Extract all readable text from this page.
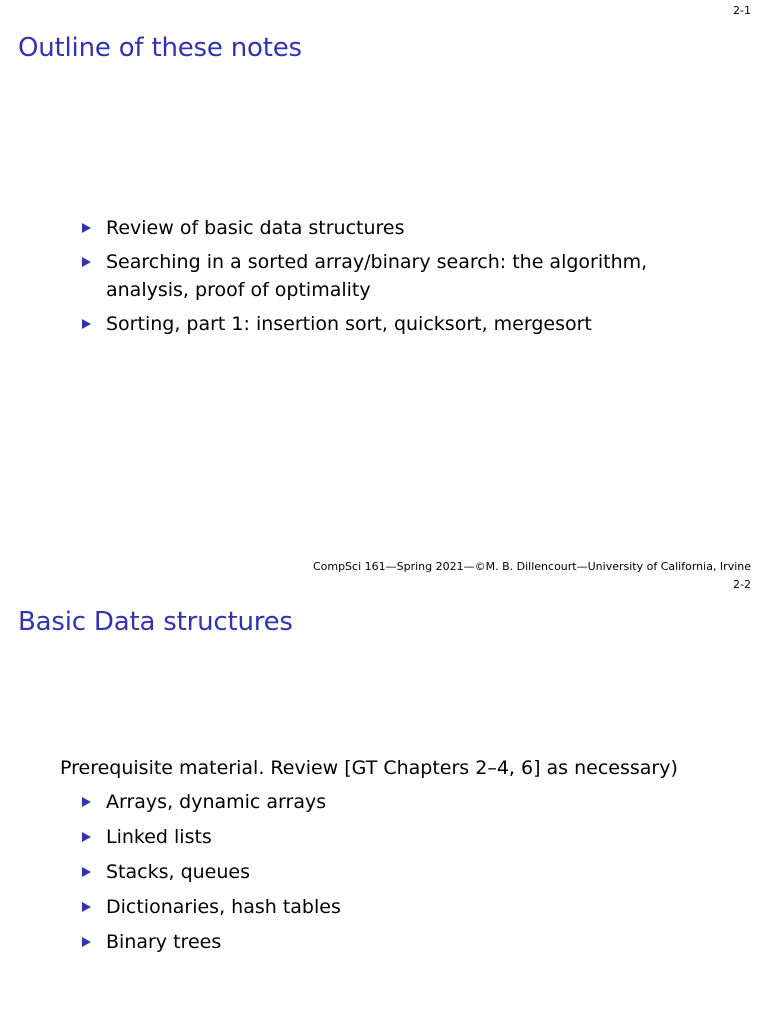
2-1
Outline of these notes
Review of basic data structures
Searching in a sorted array/binary search: the algorithm, analysis, proof of optimality
Sorting, part 1: insertion sort, quicksort, mergesort
CompSci 161—Spring 2021—©M. B. Dillencourt—University of California, Irvine
2-2
Basic Data structures

Prerequisite material. Review [GT Chapters 2–4, 6] as necessary)

Arrays, dynamic arrays
Linked lists
Stacks, queues
Dictionaries, hash tables
Binary trees
